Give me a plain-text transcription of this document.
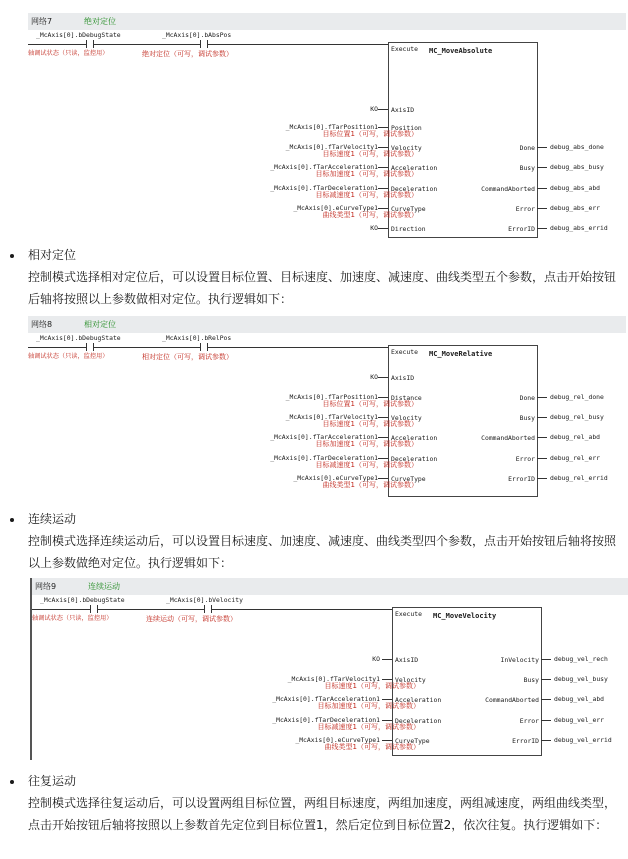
网络7	绝对定位
_McAxis[0].bDebugState	_McAxis[0].bAbsPos
轴调试状态（只读，监控用）	绝对定位（可写，调试参数）
Execute MC_MoveAbsolute
AxisID
Position
Velocity
Acceleration
Deceleration
CurveType
Direction
Done
Busy
CommandAborted
Error
ErrorID
KO
_McAxis[0].fTarPosition1
目标位置1（可写，调试参数）
_McAxis[0].fTarVelocity1
目标速度1（可写，调试参数）
_McAxis[0].fTarAcceleration1
目标加速度1（可写，调试参数）
_McAxis[0].fTarDeceleration1
目标减速度1（可写，调试参数）
_McAxis[0].eCurveType1
曲线类型1（可写，调试参数）
KO
debug_abs_done
debug_abs_busy
debug_abs_abd
debug_abs_err
debug_abs_errid
相对定位
控制模式选择相对定位后，可以设置目标位置、目标速度、加速度、减速度、曲线类型五个参数，点击开始按钮后轴将按照以上参数做相对定位。执行逻辑如下：
网络8	相对定位
_McAxis[0].bDebugState	_McAxis[0].bRelPos
轴调试状态（只读，监控用）	相对定位（可写，调试参数）
Execute MC_MoveRelative
AxisID
Distance
Velocity
Acceleration
Deceleration
CurveType
Done
Busy
CommandAborted
Error
ErrorID
KO
_McAxis[0].fTarPosition1
目标位置1（可写，调试参数）
_McAxis[0].fTarVelocity1
目标速度1（可写，调试参数）
_McAxis[0].fTarAcceleration1
目标加速度1（可写，调试参数）
_McAxis[0].fTarDeceleration1
目标减速度1（可写，调试参数）
_McAxis[0].eCurveType1
曲线类型1（可写，调试参数）
debug_rel_done
debug_rel_busy
debug_rel_abd
debug_rel_err
debug_rel_errid
连续运动
控制模式选择连续运动后，可以设置目标速度、加速度、减速度、曲线类型四个参数，点击开始按钮后轴将按照以上参数做绝对定位。执行逻辑如下：
网络9	连续运动
_McAxis[0].bDebugState	_McAxis[0].bVelocity
轴调试状态（只读，监控用）	连续运动（可写，调试参数）
Execute MC_MoveVelocity
AxisID
Velocity
Acceleration
Deceleration
CurveType
InVelocity
Busy
CommandAborted
Error
ErrorID
KO
_McAxis[0].fTarVelocity1
目标速度1（可写，调试参数）
_McAxis[0].fTarAcceleration1
目标加速度1（可写，调试参数）
_McAxis[0].fTarDeceleration1
目标减速度1（可写，调试参数）
_McAxis[0].eCurveType1
曲线类型1（可写，调试参数）
debug_vel_rech
debug_vel_busy
debug_vel_abd
debug_vel_err
debug_vel_errid
往复运动
控制模式选择往复运动后，可以设置两组目标位置，两组目标速度，两组加速度，两组减速度，两组曲线类型，点击开始按钮后轴将按照以上参数首先定位到目标位置1，然后定位到目标位置2，依次往复。执行逻辑如下：
